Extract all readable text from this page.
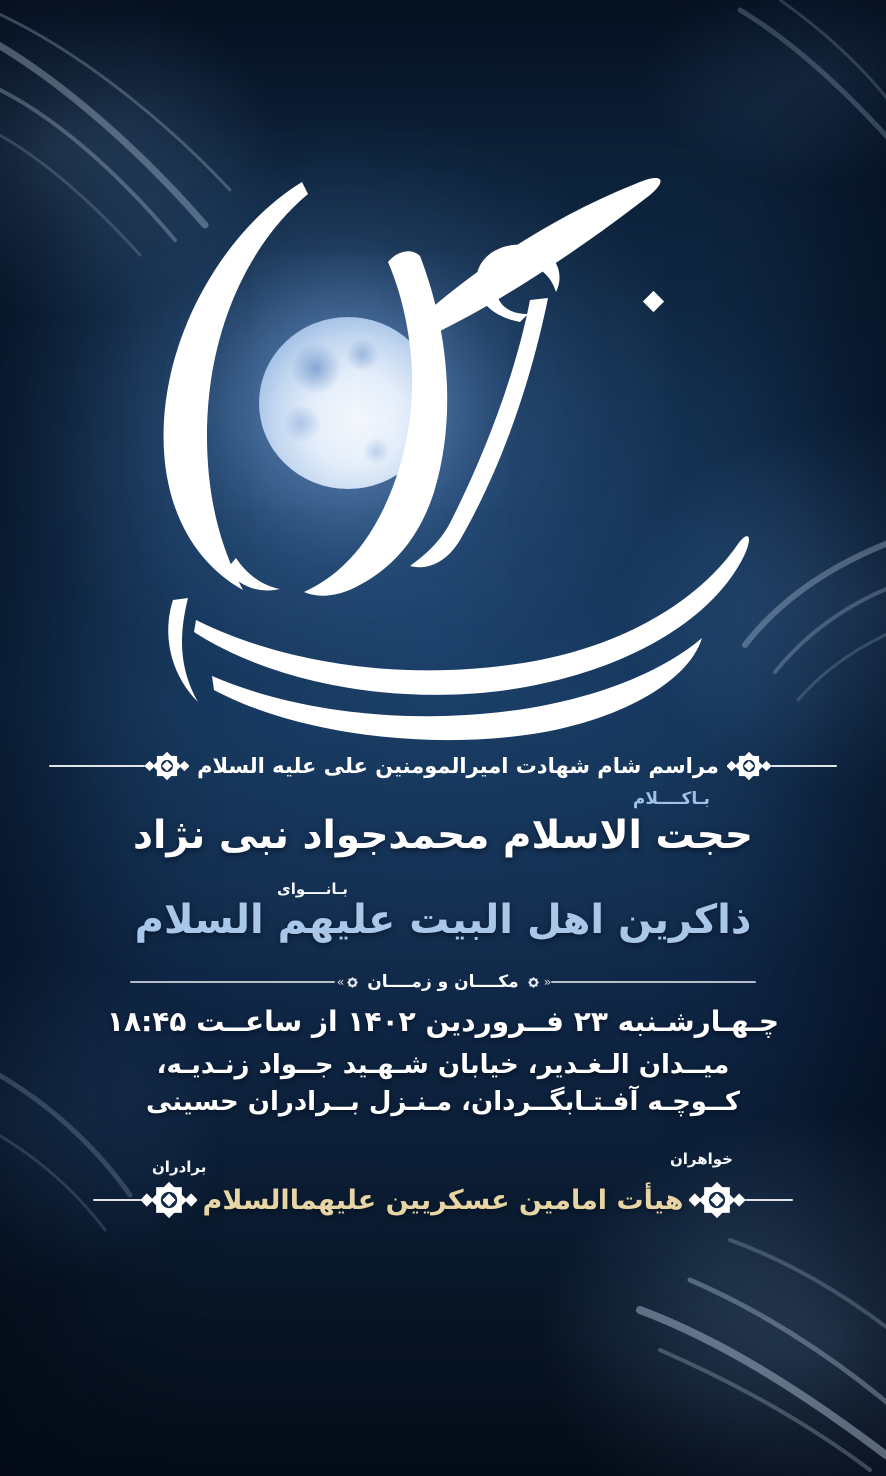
مراسم شام شهادت امیرالمومنین علی علیه السلام
بـاکــــلام
حجت الاسلام محمدجواد نبی نژاد
بـانــــوای
ذاکرین اهل البیت علیهم السلام
‹‹
مکــــان و زمــــان
››
چـهـارشـنبه ۲۳ فــروردین ۱۴۰۲ از ساعــت ۱۸:۴۵
میــدان الـغـدیر، خیابان شـهـید جــواد زنـدیـه،
کــوچـه آفـتـابگــردان، مـنـزل بــرادران حسینی
خواهران
برادران
هیأت امامین عسکریین علیهماالسلام
